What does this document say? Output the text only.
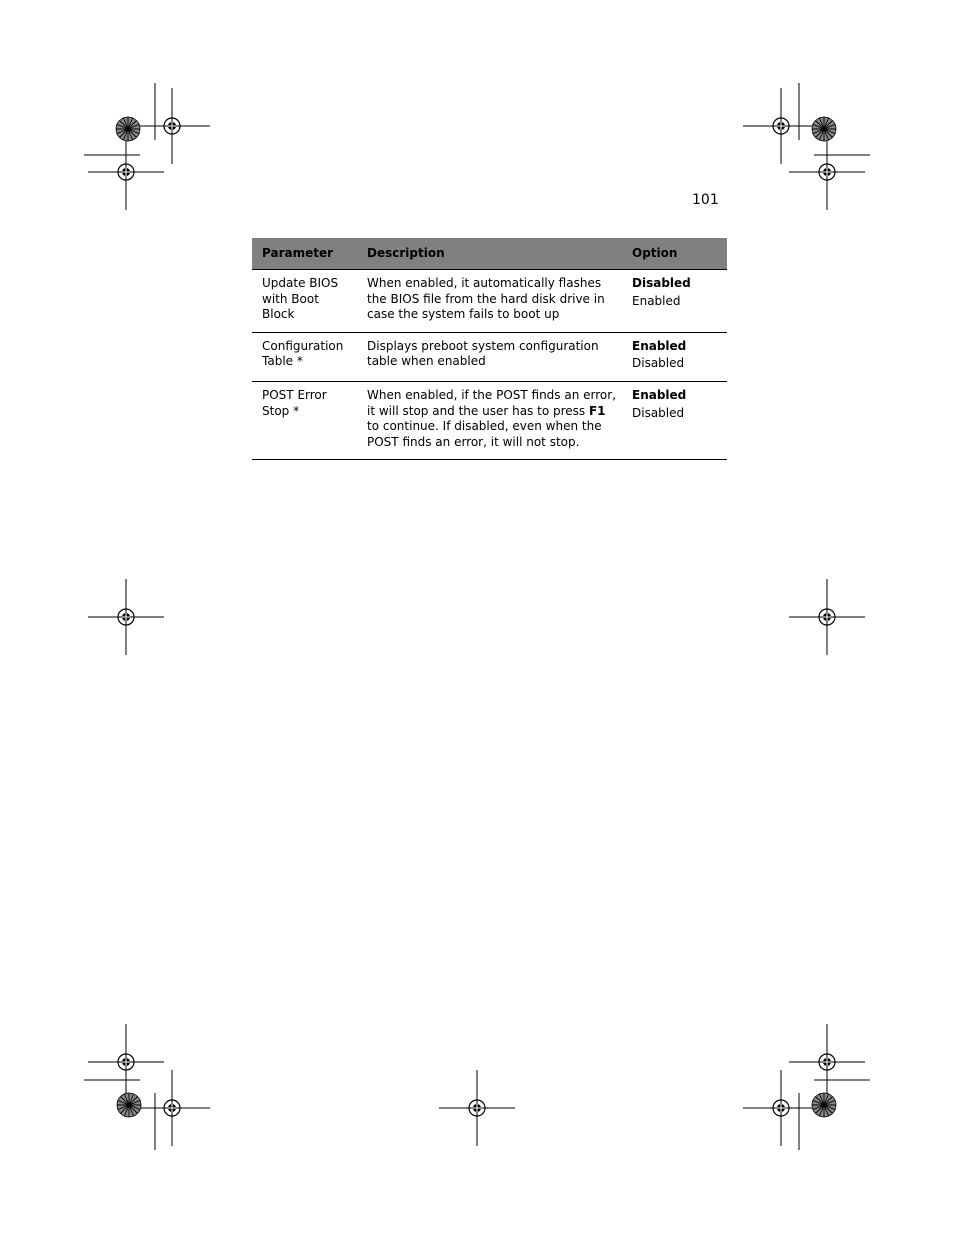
101
Parameter	Description	Option
Update BIOS with Boot Block	When enabled, it automatically flashes the BIOS file from the hard disk drive in case the system fails to boot up	Disabled
Enabled

Configuration Table *	Displays preboot system configuration table when enabled	Enabled
Disabled

POST Error Stop *	When enabled, if the POST finds an error, it will stop and the user has to press F1 to continue. If disabled, even when the POST finds an error, it will not stop.	Enabled
Disabled
